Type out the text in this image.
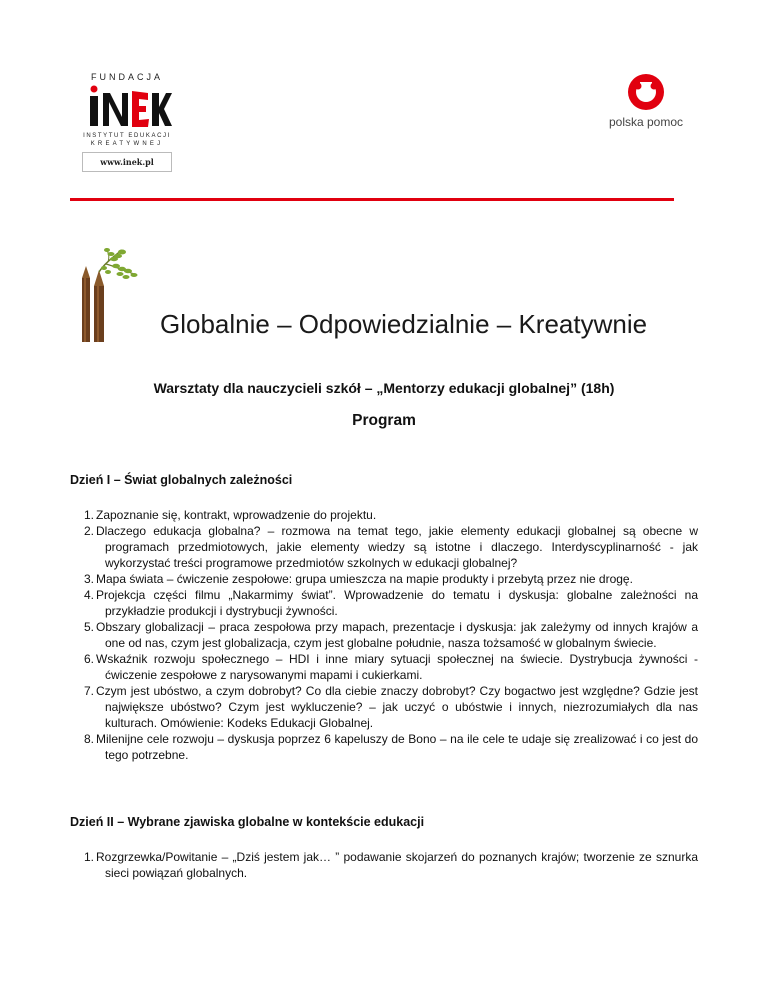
FUNDACJA
INSTYTUT EDUKACJI
KREATYWNEJ
www.inek.pl
polska pomoc
Globalnie – Odpowiedzialnie – Kreatywnie
Warsztaty dla nauczycieli szkół – „Mentorzy edukacji globalnej” (18h)
Program
Dzień I – Świat globalnych zależności
1. Zapoznanie się, kontrakt, wprowadzenie do projektu.
2. Dlaczego edukacja globalna? – rozmowa na temat tego, jakie elementy edukacji globalnej są obecne w programach przedmiotowych, jakie elementy wiedzy są istotne i dlaczego. Interdyscyplinarność - jak wykorzystać treści programowe przedmiotów szkolnych w edukacji globalnej?
3. Mapa świata – ćwiczenie zespołowe: grupa umieszcza na mapie produkty i przebytą przez nie drogę.
4. Projekcja części filmu „Nakarmimy świat”. Wprowadzenie do tematu i dyskusja: globalne zależności na przykładzie produkcji i dystrybucji żywności.
5. Obszary globalizacji – praca zespołowa przy mapach, prezentacje i dyskusja: jak zależymy od innych krajów a one od nas, czym jest globalizacja, czym jest globalne południe, nasza tożsamość w globalnym świecie.
6. Wskaźnik rozwoju społecznego – HDI i inne miary sytuacji społecznej na świecie. Dystrybucja żywności - ćwiczenie zespołowe z narysowanymi mapami i cukierkami.
7. Czym jest ubóstwo, a czym dobrobyt? Co dla ciebie znaczy dobrobyt? Czy bogactwo jest względne? Gdzie jest największe ubóstwo? Czym jest wykluczenie? – jak uczyć o ubóstwie i innych, niezrozumiałych dla nas kulturach. Omówienie: Kodeks Edukacji Globalnej.
8. Milenijne cele rozwoju – dyskusja poprzez 6 kapeluszy de Bono – na ile cele te udaje się zrealizować i co jest do tego potrzebne.
Dzień II – Wybrane zjawiska globalne w kontekście edukacji
1. Rozgrzewka/Powitanie – „Dziś jestem jak… ” podawanie skojarzeń do poznanych krajów; tworzenie ze sznurka sieci powiązań globalnych.
